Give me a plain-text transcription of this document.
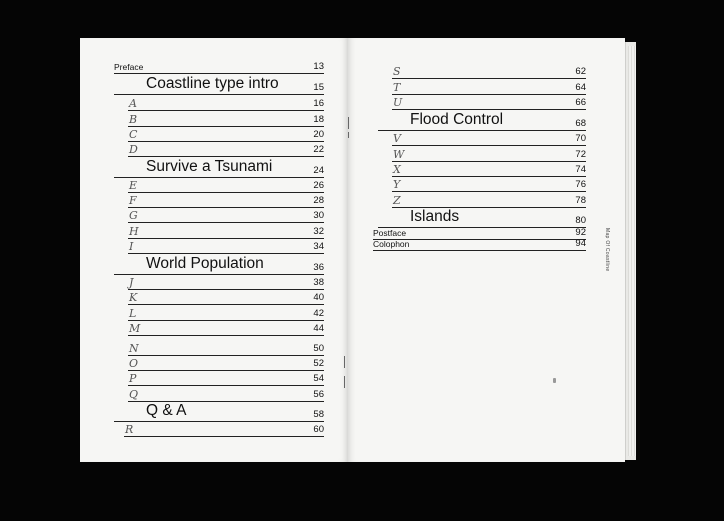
Map Of Coastline
Preface	13
Coastline type intro	15
A	16
B	18
C	20
D	22
Survive a Tsunami	24
E	26
F	28
G	30
H	32
I	34
World Population	36
J	38
K	40
L	42
M	44
N	50
O	52
P	54
Q	56
Q & A	58
R	60
S	62
T	64
U	66
Flood Control	68
V	70
W	72
X	74
Y	76
Z	78
Islands	80
Postface	92
Colophon	94
